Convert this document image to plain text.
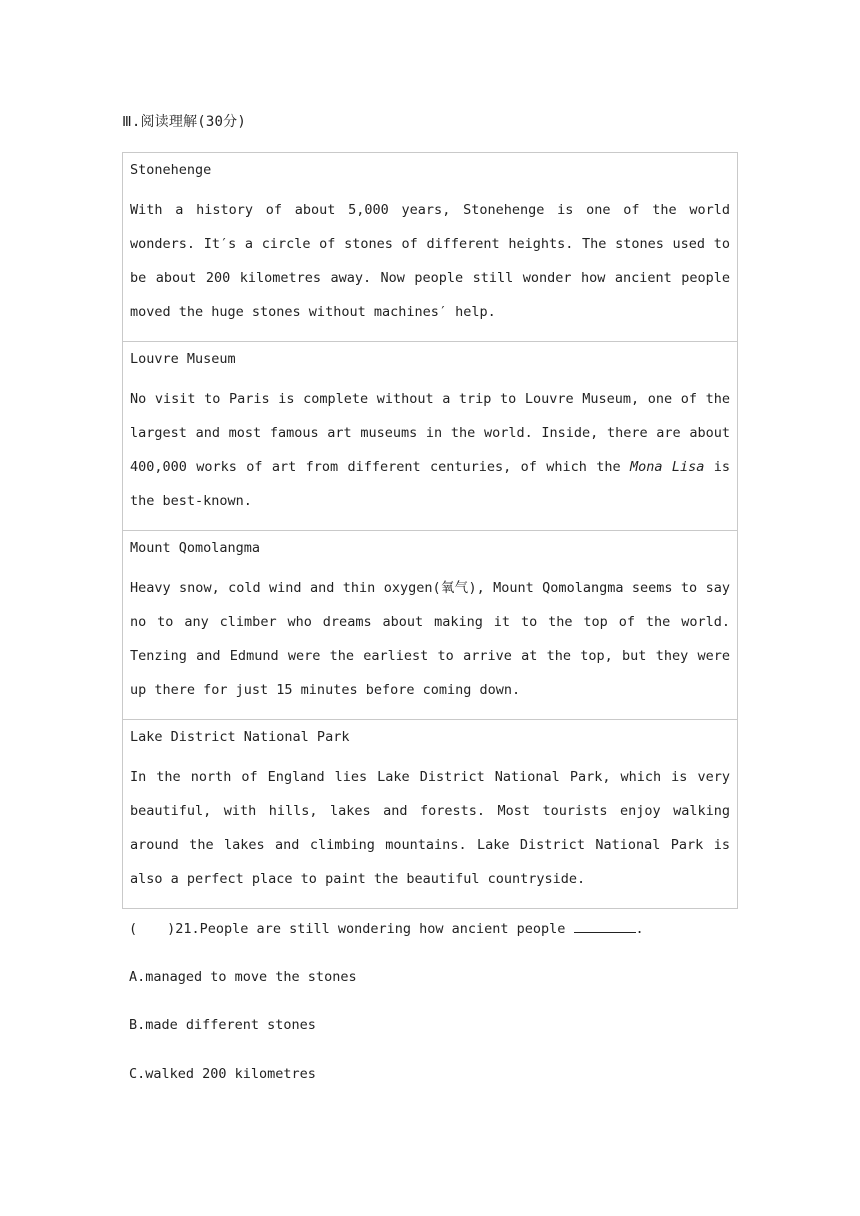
Ⅲ.阅读理解(30分)
Stonehenge
With a history of about 5,000 years, Stonehenge is one of the world wonders. It′s a circle of stones of different heights. The stones used to be about 200 kilometres away. Now people still wonder how ancient people moved the huge stones without machines′ help.

Louvre Museum
No visit to Paris is complete without a trip to Louvre Museum, one of the largest and most famous art museums in the world. Inside, there are about 400,000 works of art from different centuries, of which the Mona Lisa is the best-known.

Mount Qomolangma
Heavy snow, cold wind and thin oxygen(氧气), Mount Qomolangma seems to say no to any climber who dreams about making it to the top of the world. Tenzing and Edmund were the earliest to arrive at the top, but they were up there for just 15 minutes before coming down.

Lake District National Park
In the north of England lies Lake District National Park, which is very beautiful, with hills, lakes and forests. Most tourists enjoy walking around the lakes and climbing mountains. Lake District National Park is also a perfect place to paint the beautiful countryside.
( )21.People are still wondering how ancient people	.
A.managed to move the stones
B.made different stones
C.walked 200 kilometres
